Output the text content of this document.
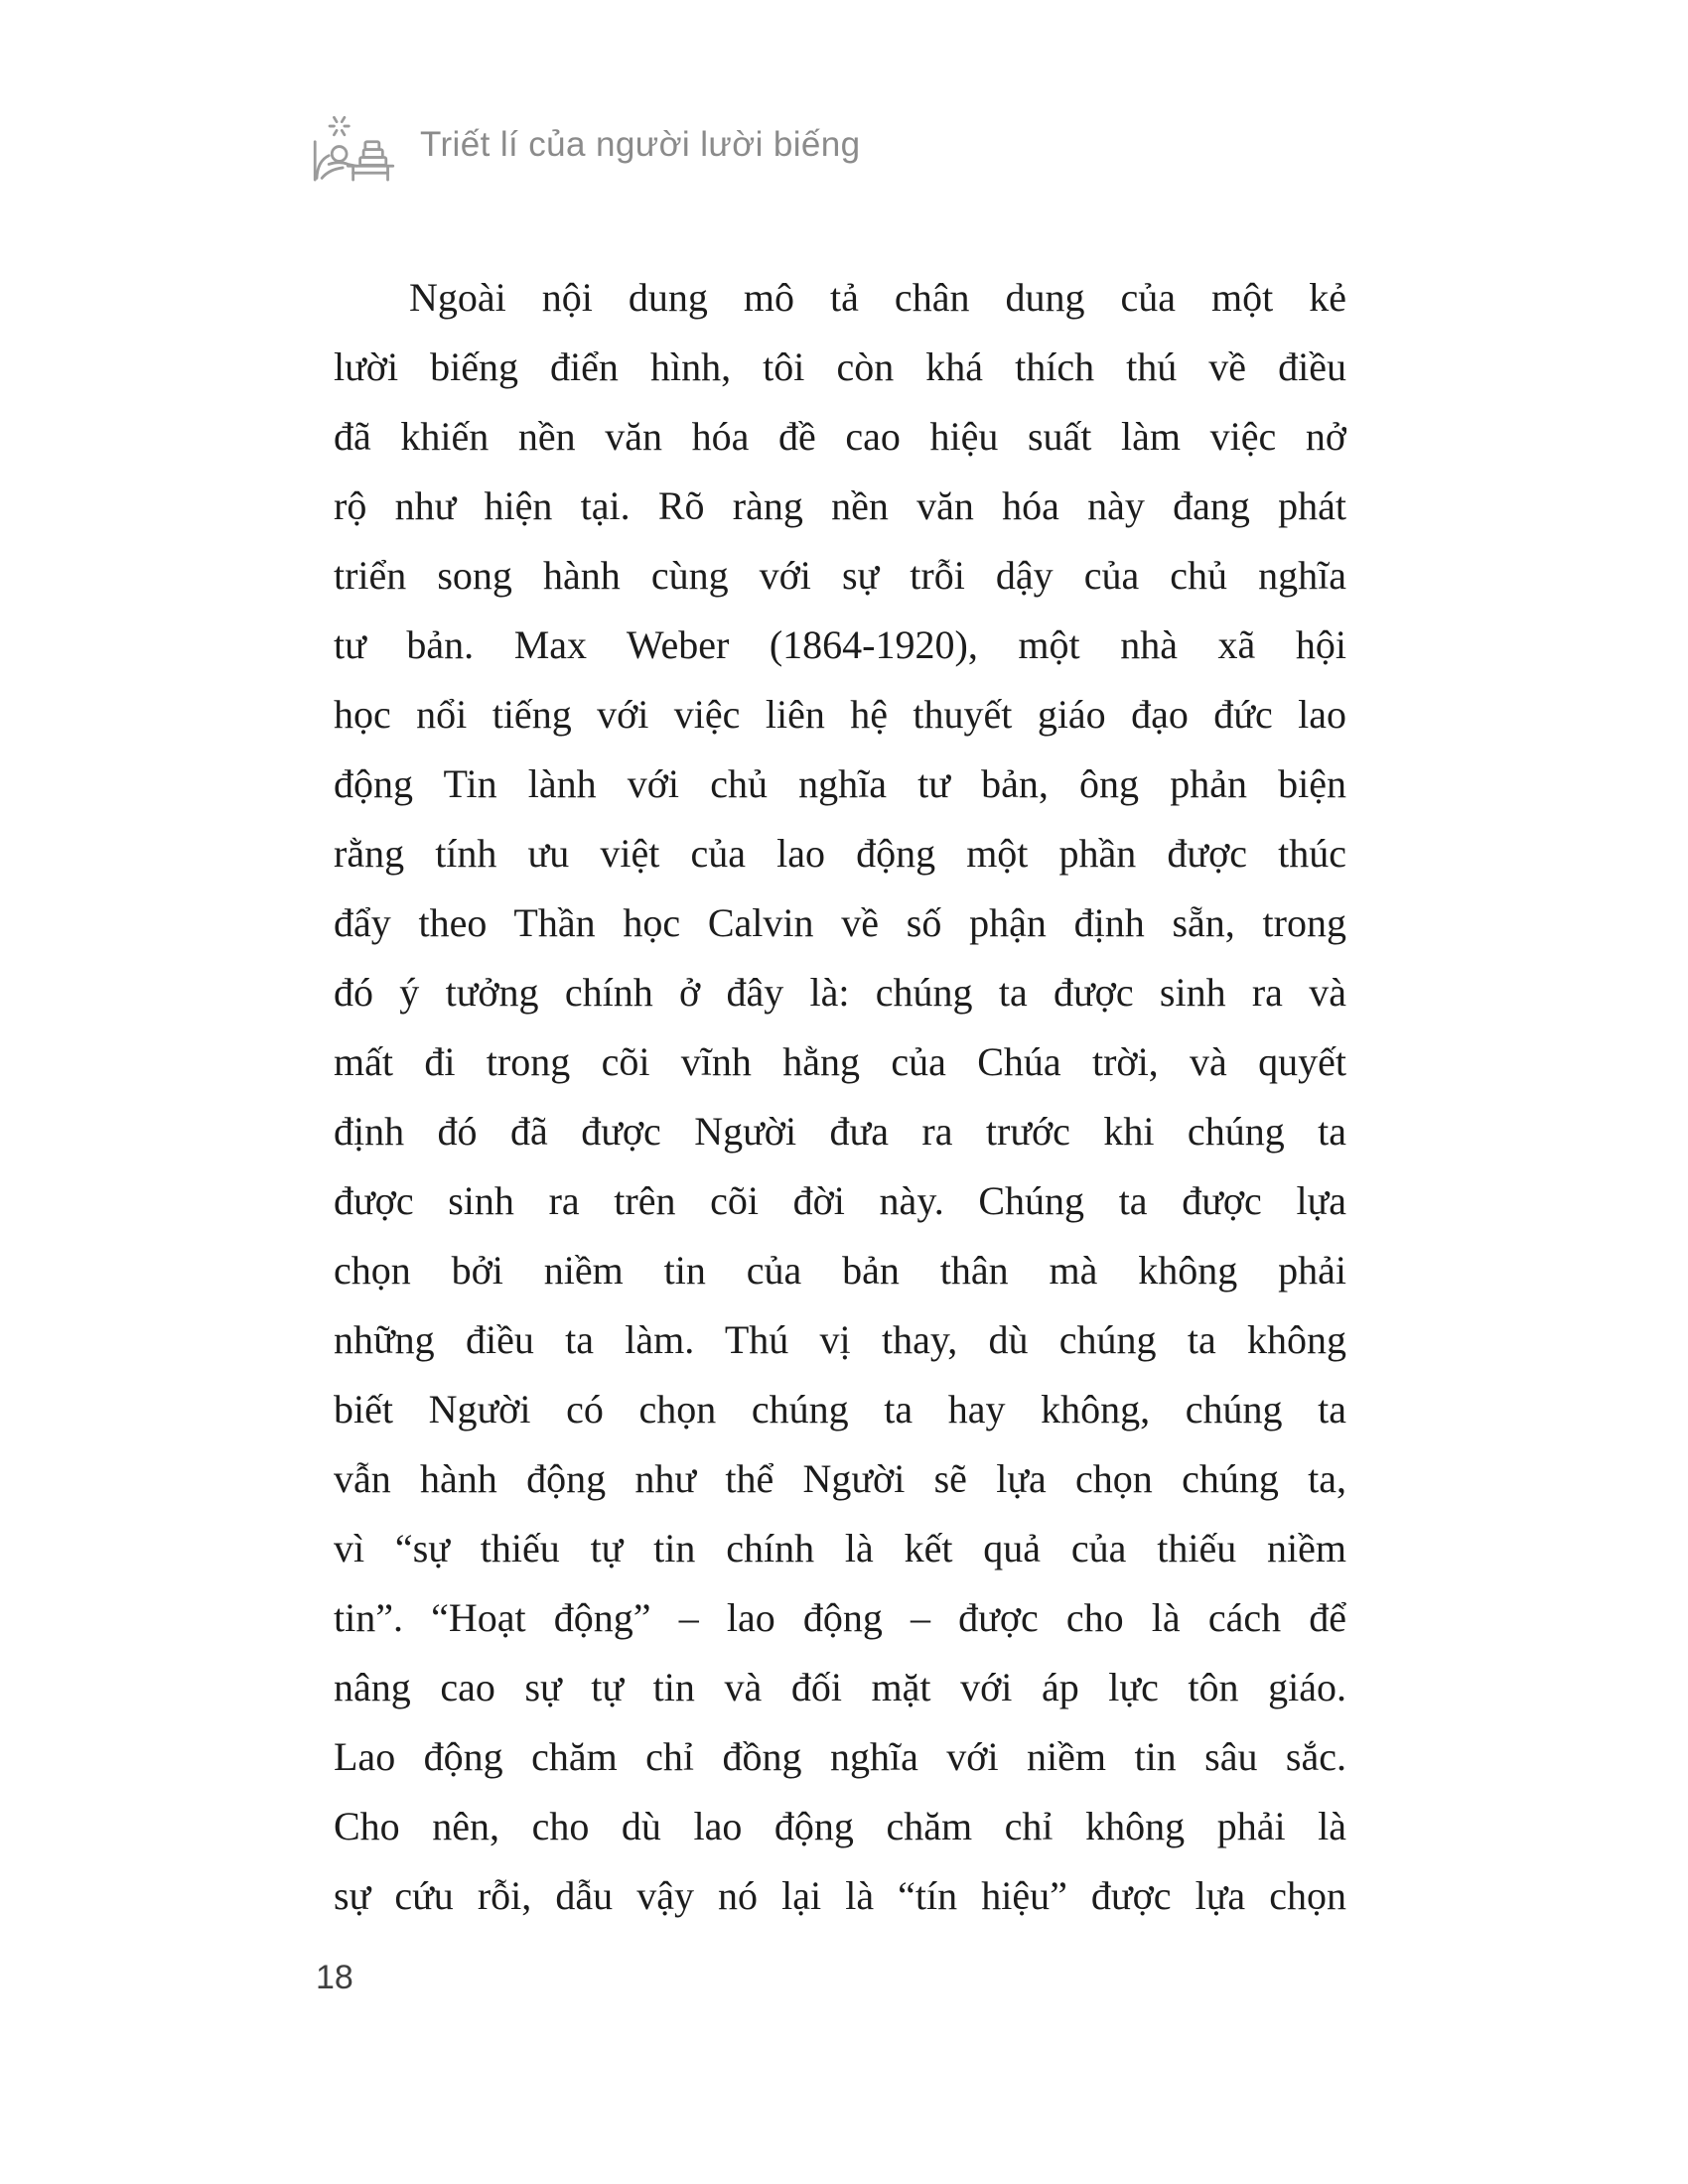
Triết lí của người lười biếng
Ngoài nội dung mô tả chân dung của một kẻ
lười biếng điển hình, tôi còn khá thích thú về điều
đã khiến nền văn hóa đề cao hiệu suất làm việc nở
rộ như hiện tại. Rõ ràng nền văn hóa này đang phát
triển song hành cùng với sự trỗi dậy của chủ nghĩa
tư bản. Max Weber (1864-1920), một nhà xã hội
học nổi tiếng với việc liên hệ thuyết giáo đạo đức lao
động Tin lành với chủ nghĩa tư bản, ông phản biện
rằng tính ưu việt của lao động một phần được thúc
đẩy theo Thần học Calvin về số phận định sẵn, trong
đó ý tưởng chính ở đây là: chúng ta được sinh ra và
mất đi trong cõi vĩnh hằng của Chúa trời, và quyết
định đó đã được Người đưa ra trước khi chúng ta
được sinh ra trên cõi đời này. Chúng ta được lựa
chọn bởi niềm tin của bản thân mà không phải
những điều ta làm. Thú vị thay, dù chúng ta không
biết Người có chọn chúng ta hay không, chúng ta
vẫn hành động như thể Người sẽ lựa chọn chúng ta,
vì “sự thiếu tự tin chính là kết quả của thiếu niềm
tin”. “Hoạt động” – lao động – được cho là cách để
nâng cao sự tự tin và đối mặt với áp lực tôn giáo.
Lao động chăm chỉ đồng nghĩa với niềm tin sâu sắc.
Cho nên, cho dù lao động chăm chỉ không phải là
sự cứu rỗi, dẫu vậy nó lại là “tín hiệu” được lựa chọn
18
